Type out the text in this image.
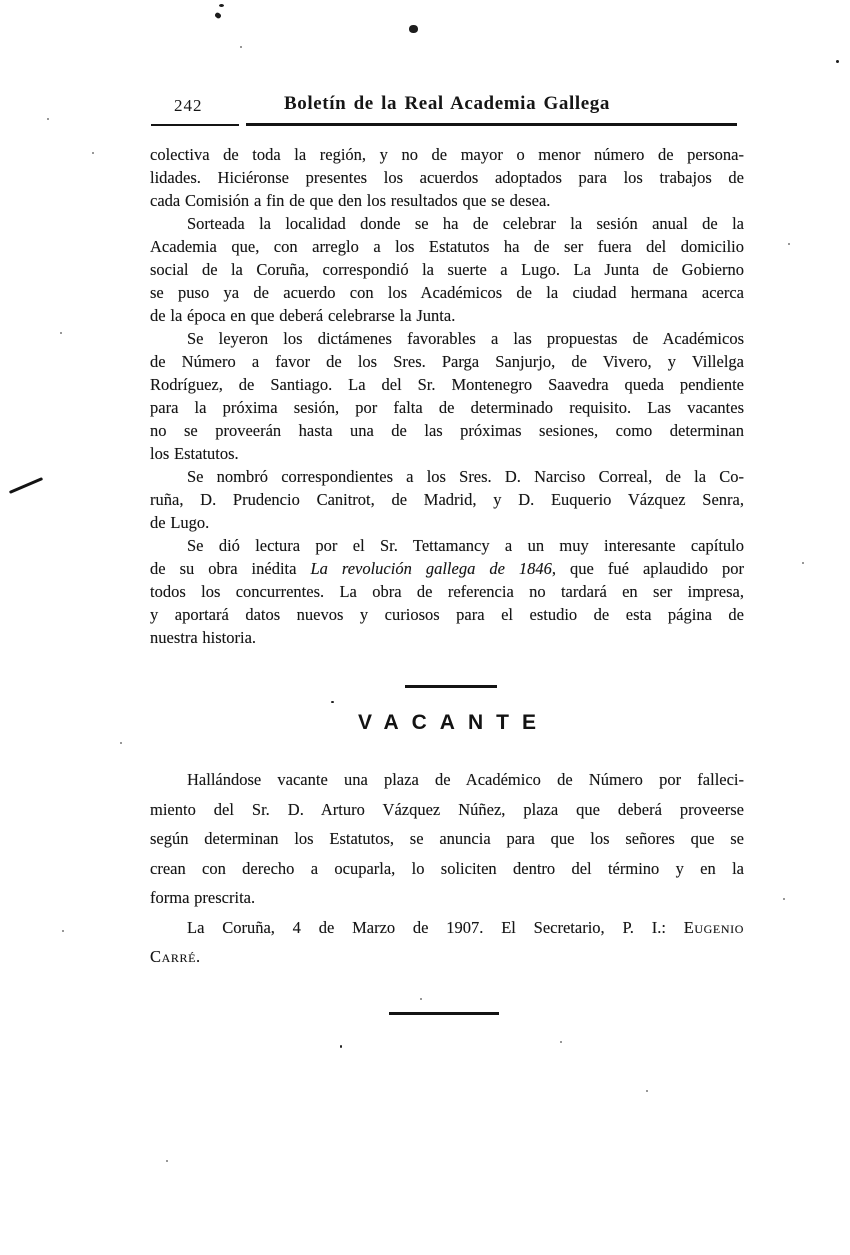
242	Boletín de la Real Academia Gallega
colectiva de toda la región, y no de mayor o menor número de persona-
lidades. Hiciéronse presentes los acuerdos adoptados para los trabajos de
cada Comisión a fin de que den los resultados que se desea.
Sorteada la localidad donde se ha de celebrar la sesión anual de la
Academia que, con arreglo a los Estatutos ha de ser fuera del domicilio
social de la Coruña, correspondió la suerte a Lugo. La Junta de Gobierno
se puso ya de acuerdo con los Académicos de la ciudad hermana acerca
de la época en que deberá celebrarse la Junta.
Se leyeron los dictámenes favorables a las propuestas de Académicos
de Número a favor de los Sres. Parga Sanjurjo, de Vivero, y Villelga
Rodríguez, de Santiago. La del Sr. Montenegro Saavedra queda pendiente
para la próxima sesión, por falta de determinado requisito. Las vacantes
no se proveerán hasta una de las próximas sesiones, como determinan
los Estatutos.
Se nombró correspondientes a los Sres. D. Narciso Correal, de la Co-
ruña, D. Prudencio Canitrot, de Madrid, y D. Euquerio Vázquez Senra,
de Lugo.
Se dió lectura por el Sr. Tettamancy a un muy interesante capítulo
de su obra inédita La revolución gallega de 1846, que fué aplaudido por
todos los concurrentes. La obra de referencia no tardará en ser impresa,
y aportará datos nuevos y curiosos para el estudio de esta página de
nuestra historia.
VACANTE
Hallándose vacante una plaza de Académico de Número por falleci-
miento del Sr. D. Arturo Vázquez Núñez, plaza que deberá proveerse
según determinan los Estatutos, se anuncia para que los señores que se
crean con derecho a ocuparla, lo soliciten dentro del término y en la
forma prescrita.
La Coruña, 4 de Marzo de 1907. El Secretario, P. I.: Eugenio
Carré.
